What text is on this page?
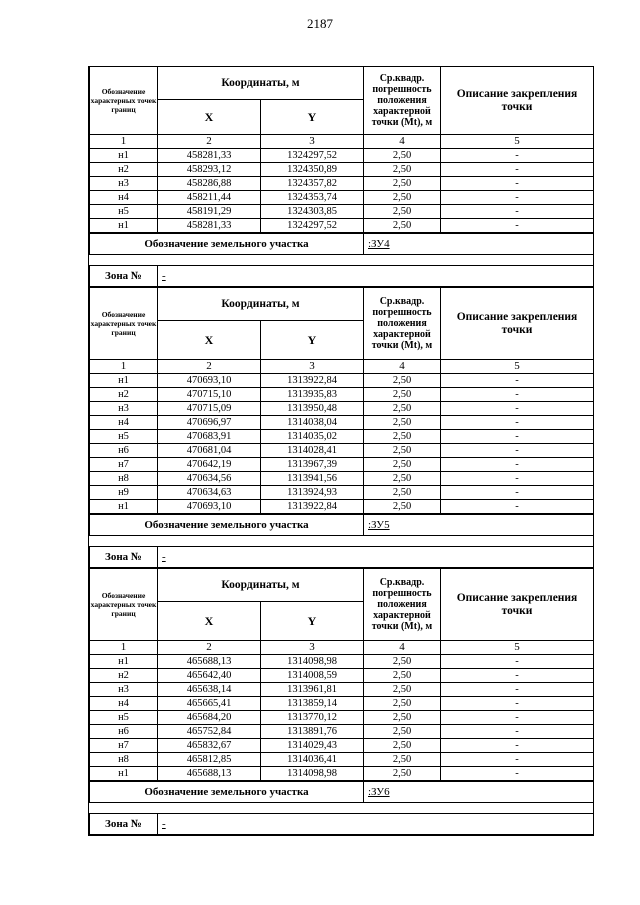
2187
Обозначение характерных точек границ	Координаты, м		Ср.квадр. погрешность положения характерной точки (Mt), м	Описание закрепления точки
	X	Y		
1	2	3	4	5
н1	458281,33	1324297,52	2,50	-
н2	458293,12	1324350,89	2,50	-
н3	458286,88	1324357,82	2,50	-
н4	458211,44	1324353,74	2,50	-
н5	458191,29	1324303,85	2,50	-
н1	458281,33	1324297,52	2,50	-
Обозначение земельного участка	:ЗУ4
Зона №	-
Обозначение характерных точек границ	Координаты, м		Ср.квадр. погрешность положения характерной точки (Mt), м	Описание закрепления точки
	X	Y		
1	2	3	4	5
н1	470693,10	1313922,84	2,50	-
н2	470715,10	1313935,83	2,50	-
н3	470715,09	1313950,48	2,50	-
н4	470696,97	1314038,04	2,50	-
н5	470683,91	1314035,02	2,50	-
н6	470681,04	1314028,41	2,50	-
н7	470642,19	1313967,39	2,50	-
н8	470634,56	1313941,56	2,50	-
н9	470634,63	1313924,93	2,50	-
н1	470693,10	1313922,84	2,50	-
Обозначение земельного участка	:ЗУ5
Зона №	-
Обозначение характерных точек границ	Координаты, м		Ср.квадр. погрешность положения характерной точки (Mt), м	Описание закрепления точки
	X	Y		
1	2	3	4	5
н1	465688,13	1314098,98	2,50	-
н2	465642,40	1314008,59	2,50	-
н3	465638,14	1313961,81	2,50	-
н4	465665,41	1313859,14	2,50	-
н5	465684,20	1313770,12	2,50	-
н6	465752,84	1313891,76	2,50	-
н7	465832,67	1314029,43	2,50	-
н8	465812,85	1314036,41	2,50	-
н1	465688,13	1314098,98	2,50	-
Обозначение земельного участка	:ЗУ6
Зона №	-
